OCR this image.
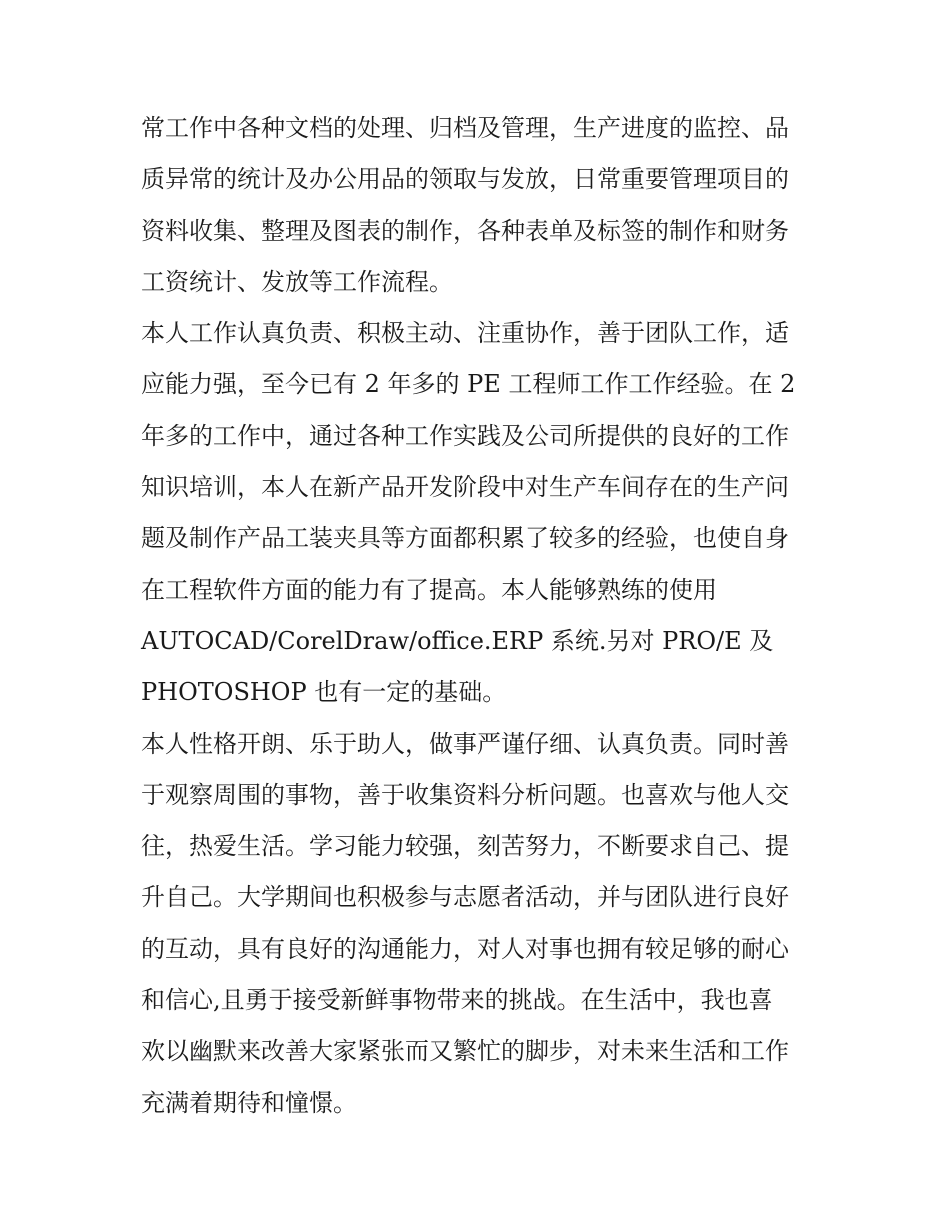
常工作中各种文档的处理、归档及管理，生产进度的监控、品
质异常的统计及办公用品的领取与发放，日常重要管理项目的
资料收集、整理及图表的制作，各种表单及标签的制作和财务
工资统计、发放等工作流程。
本人工作认真负责、积极主动、注重协作，善于团队工作，适
应能力强，至今已有 2 年多的 PE 工程师工作工作经验。在 2
年多的工作中，通过各种工作实践及公司所提供的良好的工作
知识培训，本人在新产品开发阶段中对生产车间存在的生产问
题及制作产品工装夹具等方面都积累了较多的经验，也使自身
在工程软件方面的能力有了提高。本人能够熟练的使用
AUTOCAD/CorelDraw/office.ERP 系统.另对 PRO/E 及
PHOTOSHOP 也有一定的基础。
本人性格开朗、乐于助人，做事严谨仔细、认真负责。同时善
于观察周围的事物，善于收集资料分析问题。也喜欢与他人交
往，热爱生活。学习能力较强，刻苦努力，不断要求自己、提
升自己。大学期间也积极参与志愿者活动，并与团队进行良好
的互动，具有良好的沟通能力，对人对事也拥有较足够的耐心
和信心,且勇于接受新鲜事物带来的挑战。在生活中，我也喜
欢以幽默来改善大家紧张而又繁忙的脚步，对未来生活和工作
充满着期待和憧憬。
